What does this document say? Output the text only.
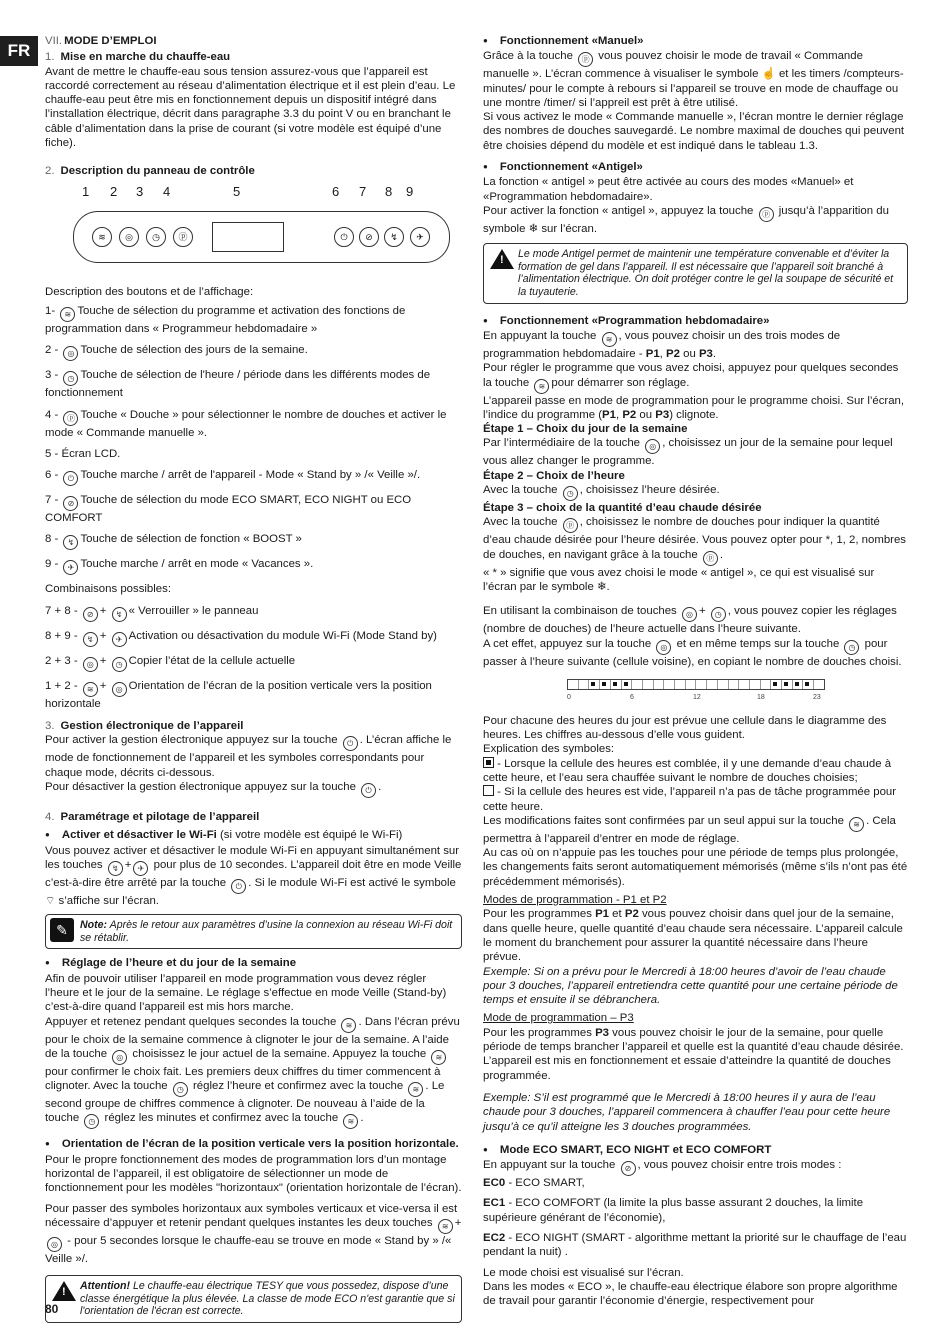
FR	VII. MODE D’EMPLOI

1. Mise en marche du chauffe-eau

Avant de mettre le chauffe-eau sous tension assurez-vous que l’appareil est raccordé correctement au réseau d’alimentation électrique et il est plein d’eau. Le chauffe-eau peut être mis en fonctionnement depuis un dispositif intégré dans l’installation électrique, décrit dans paragraphe 3.3 du point V ou en branchant le câble d’alimentation dans la prise de courant (si votre modèle est équipé d’une fiche).

2. Description du panneau de contrôle

1 2 3 4	5	6 7 8 9
≋	◎	◷	ⓟ	⏻	⊘	↯	✈

Description des boutons et de l’affichage:

1- ≋ Touche de sélection du programme et activation des fonctions de programmation dans « Programmeur hebdomadaire »

2 - ◎ Touche de sélection des jours de la semaine.

3 - ◷ Touche de sélection de l'heure / période dans les différents modes de fonctionnement

4 - ⓟ Touche « Douche » pour sélectionner le nombre de douches et activer le mode « Commande manuelle ».

5 - Écran LCD.

6 - ⏻ Touche marche / arrêt de l'appareil - Mode « Stand by » /« Veille »/.

7 - ⊘ Touche de sélection du mode ECO SMART, ECO NIGHT ou ECO COMFORT

8 - ↯ Touche de sélection de fonction « BOOST »

9 - ✈ Touche marche / arrêt en mode « Vacances ».

Combinaisons possibles:

7 + 8 - ⊘ + ↯ « Verrouiller » le panneau

8 + 9 - ↯ + ✈ Activation ou désactivation du module Wi-Fi (Mode Stand by)

2 + 3 - ◎ + ◷ Copier l’état de la cellule actuelle

1 + 2 - ≋ + ◎ Orientation de l’écran de la position verticale vers la position horizontale

3. Gestion électronique de l’appareil

Pour activer la gestion électronique appuyez sur la touche ⏻ . L’écran affiche le mode de fonctionnement de l’appareil et les symboles correspondants pour chaque mode, décrits ci-dessous.

Pour désactiver la gestion électronique appuyez sur la touche ⏻ .

4. Paramétrage et pilotage de l’appareil

● Activer et désactiver le Wi-Fi (si votre modèle est équipé le Wi-Fi)

Vous pouvez activer et désactiver le module Wi-Fi en appuyant simultanément sur les touches ↯ + ✈ pour plus de 10 secondes. L’appareil doit être en mode Veille c’est-à-dire être arrêté par la touche ⏻ . Si le module Wi-Fi est activé le symbole ⌔ s’affiche sur l’écran.

✎	Note: Après le retour aux paramètres d’usine la connexion au réseau Wi-Fi doit se rétablir.

● Réglage de l’heure et du jour de la semaine

Afin de pouvoir utiliser l’appareil en mode programmation vous devez régler l’heure et le jour de la semaine. Le réglage s’effectue en mode Veille (Stand-by) c’est-à-dire quand l’appareil est mis hors marche.

Appuyer et retenez pendant quelques secondes la touche ≋ . Dans l’écran prévu pour le choix de la semaine commence à clignoter le jour de la semaine. A l’aide de la touche ◎ choisissez le jour actuel de la semaine. Appuyez la touche ≋ pour confirmer le choix fait. Les premiers deux chiffres du timer commencent à clignoter. Avec la touche ◷ réglez l’heure et confirmez avec la touche ≋ . Le second groupe de chiffres commence à clignoter. De nouveau à l’aide de la touche ◷ réglez les minutes et confirmez avec la touche ≋ .

● Orientation de l’écran de la position verticale vers la position horizontale.

Pour le propre fonctionnement des modes de programmation lors d’un montage horizontal de l’appareil, il est obligatoire de sélectionner un mode de fonctionnement pour les modèles "horizontaux" (orientation horizontale de l’écran).

Pour passer des symboles horizontaux aux symboles verticaux et vice-versa il est nécessaire d’appuyer et retenir pendant quelques instantes les deux touches ≋ +◎ - pour 5 secondes lorsque le chauffe-eau se trouve en mode « Stand by » /« Veille »/.

!
Attention! Le chauffe-eau électrique TESY que vous possedez, dispose d’une classe énergétique la plus élevée. La classe de mode ECO n'est garantie que si l'orientation de l'écran est correcte.

● Fonctionnement «Manuel»

Grâce à la touche ⓟ vous pouvez choisir le mode de travail « Commande manuelle ». L’écran commence à visualiser le symbole ☝ et les timers /compteurs-minutes/ pour le compte à rebours si l’appareil se trouve en mode de chauffage ou une montre /timer/ si l’appreil est prêt à être utilisé.

Si vous activez le mode « Commande manuelle », l’écran montre le dernier réglage des nombres de douches sauvegardé. Le nombre maximal de douches qui peuvent être choisies dépend du modèle et est indiqué dans le tableau 1.3.

● Fonctionnement «Antigel»

La fonction « antigel » peut être activée au cours des modes «Manuel» et «Programmation hebdomadaire».

Pour activer la fonction « antigel », appuyez la touche ⓟ jusqu’à l’apparition du symbole ❄ sur l’écran.

!
Le mode Antigel permet de maintenir une température convenable et d’éviter la formation de gel dans l’appareil. Il est nécessaire que l’appareil soit branché à l’alimentation électrique. On doit protéger contre le gel la soupape de sécurité et la tuyauterie.

● Fonctionnement «Programmation hebdomadaire»

En appuyant la touche ≋ , vous pouvez choisir un des trois modes de programmation hebdomadaire - P1, P2 ou P3.

Pour régler le programme que vous avez choisi, appuyez pour quelques secondes la touche ≋ pour démarrer son réglage.

L’appareil passe en mode de programmation pour le programme choisi. Sur l’écran, l’indice du programme (P1, P2 ou P3) clignote.

Étape 1 – Choix du jour de la semaine

Par l’intermédiaire de la touche ◎ , choisissez un jour de la semaine pour lequel vous allez changer le programme.

Étape 2 – Choix de l’heure

Avec la touche ◷ , choisissez l’heure désirée.

Étape 3 – choix de la quantité d’eau chaude désirée

Avec la touche ⓟ , choisissez le nombre de douches pour indiquer la quantité d’eau chaude désirée pour l’heure désirée. Vous pouvez opter pour *, 1, 2, nombres de douches, en navigant grâce à la touche ⓟ .

« * » signifie que vous avez choisi le mode « antigel », ce qui est visualisé sur l’écran par le symbole ❄.

En utilisant la combinaison de touches ◎ + ◷ , vous pouvez copier les réglages (nombre de douches) de l’heure actuelle dans l’heure suivante.

A cet effet, appuyez sur la touche ◎ et en même temps sur la touche ◷ pour passer à l’heure suivante (cellule voisine), en copiant le nombre de douches choisi.

0	6	12	18	23

Pour chacune des heures du jour est prévue une cellule dans le diagramme des heures. Les chiffres au-dessous d’elle vous guident.

Explication des symboles:

- Lorsque la cellule des heures est comblée, il y une demande d’eau chaude à cette heure, et l’eau sera chauffée suivant le nombre de douches choisies;

- Si la cellule des heures est vide, l’appareil n’a pas de tâche programmée pour cette heure.

Les modifications faites sont confirmées par un seul appui sur la touche ≋ . Cela permettra à l’appareil d’entrer en mode de réglage.

Au cas où on n’appuie pas les touches pour une période de temps plus prolongée, les changements faits seront automatiquement mémorisés (même s’ils n’ont pas été précédemment mémorisés).

Modes de programmation - P1 et P2

Pour les programmes P1 et P2 vous pouvez choisir dans quel jour de la semaine, dans quelle heure, quelle quantité d’eau chaude sera nécessaire. L’appareil calcule le moment du branchement pour assurer la quantité nécessaire dans l’heure prévue.

Exemple: Si on a prévu pour le Mercredi à 18:00 heures d’avoir de l’eau chaude pour 3 douches, l’appareil entretiendra cette quantité pour une certaine période de temps et ensuite il se débranchera.

Mode de programmation – P3

Pour les programmes P3 vous pouvez choisir le jour de la semaine, pour quelle période de temps brancher l’appareil et quelle est la quantité d’eau chaude désirée. L’appareil est mis en fonctionnement et essaie d’atteindre la quantité de douches programmée.

Exemple: S’il est programmé que le Mercredi à 18:00 heures il y aura de l’eau chaude pour 3 douches, l’appareil commencera à chauffer l’eau pour cette heure jusqu’à ce qu’il atteigne les 3 douches programmées.

● Mode ECO SMART, ECO NIGHT et ECO COMFORT

En appuyant sur la touche ⊘ , vous pouvez choisir entre trois modes :

EC0 - ECO SMART,

EC1 - ECO COMFORT (la limite la plus basse assurant 2 douches, la limite supérieure générant de l’économie),

EC2 - ECO NIGHT (SMART - algorithme mettant la priorité sur le chauffage de l’eau pendant la nuit) .

Le mode choisi est visualisé sur l’écran.

Dans les modes « ECO », le chauffe-eau électrique élabore son propre algorithme de travail pour garantir l’économie d’énergie, respectivement pour

80
